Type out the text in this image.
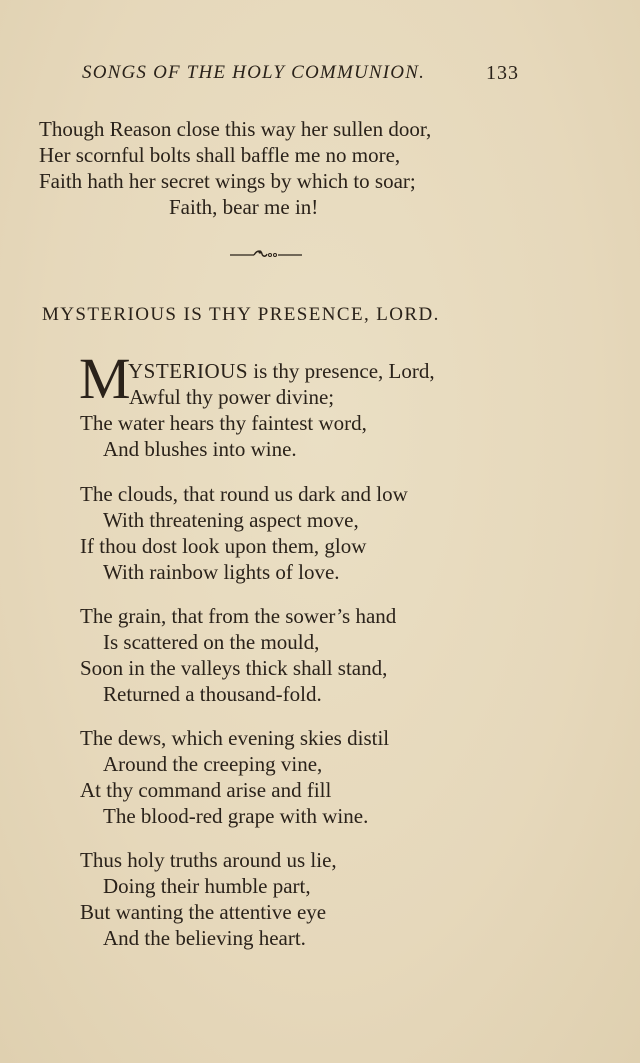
SONGS OF THE HOLY COMMUNION.	133
Though Reason close this way her sullen door,
Her scornful bolts shall baffle me no more,
Faith hath her secret wings by which to soar;
Faith, bear me in!
MYSTERIOUS IS THY PRESENCE, LORD.
M
YSTERIOUS is thy presence, Lord,
Awful thy power divine;
The water hears thy faintest word,
And blushes into wine.
The clouds, that round us dark and low
With threatening aspect move,
If thou dost look upon them, glow
With rainbow lights of love.
The grain, that from the sower’s hand
Is scattered on the mould,
Soon in the valleys thick shall stand,
Returned a thousand-fold.
The dews, which evening skies distil
Around the creeping vine,
At thy command arise and fill
The blood-red grape with wine.
Thus holy truths around us lie,
Doing their humble part,
But wanting the attentive eye
And the believing heart.
